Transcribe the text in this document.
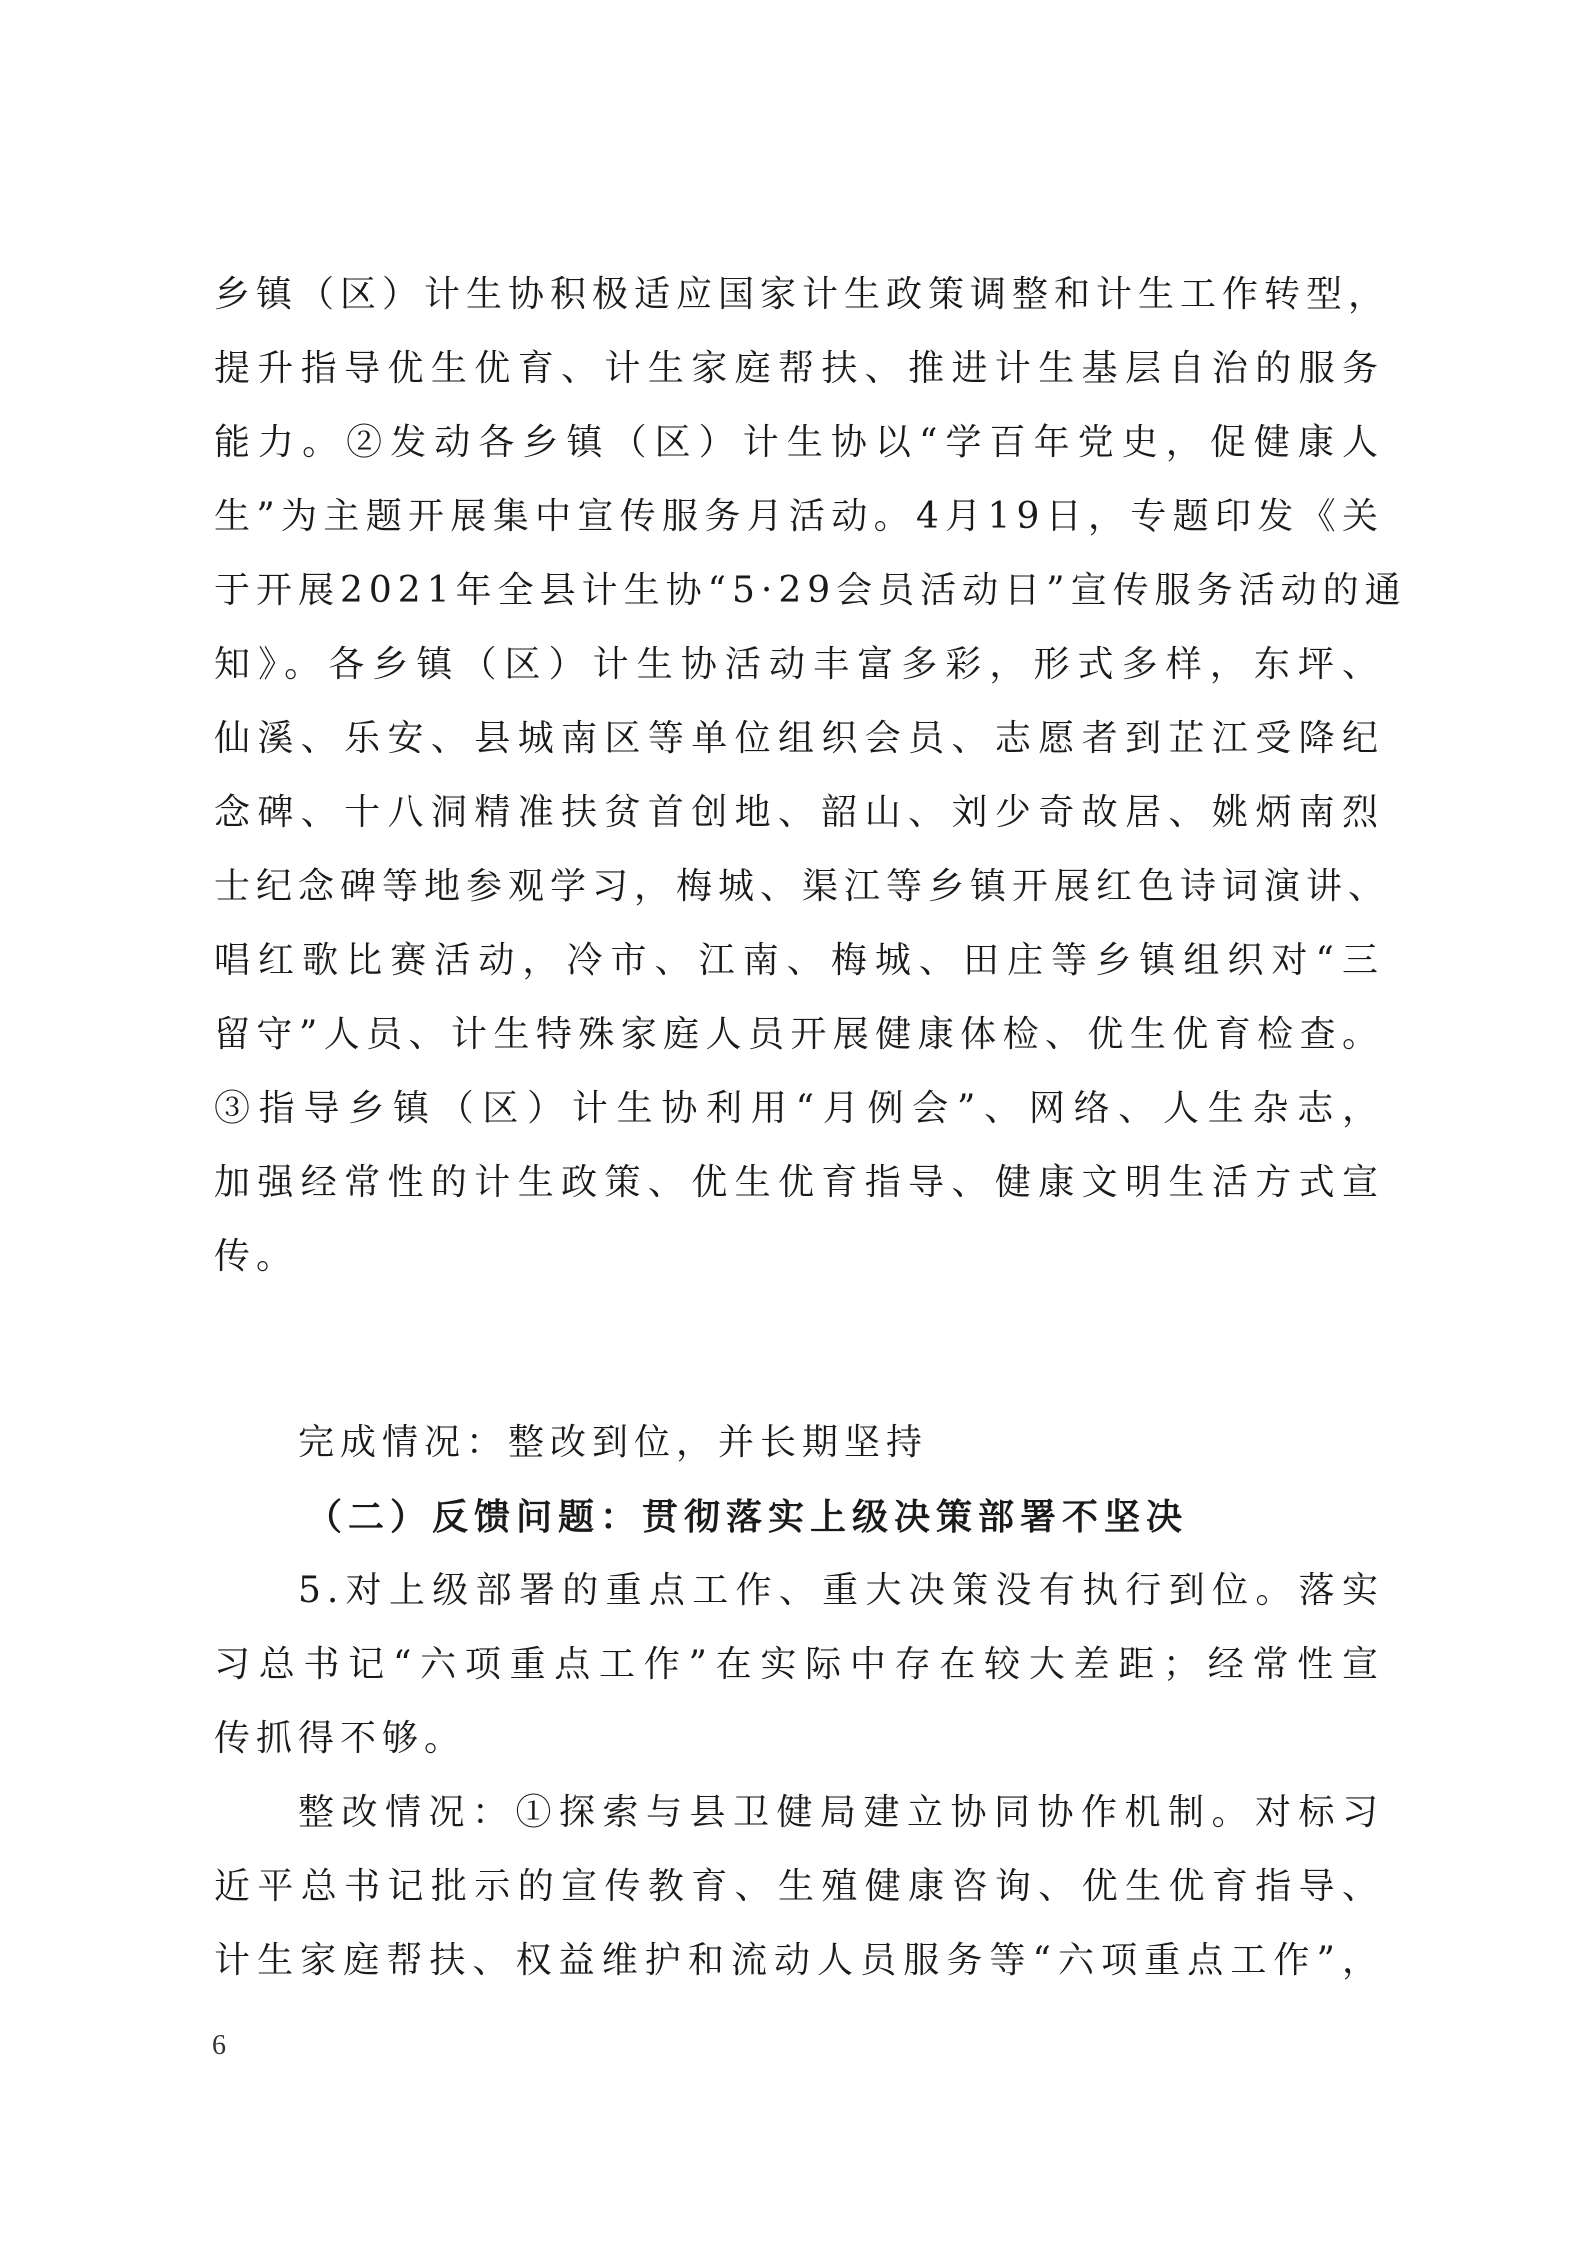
乡镇（区）计生协积极适应国家计生政策调整和计生工作转型，
提升指导优生优育、计生家庭帮扶、推进计生基层自治的服务
能力。②发动各乡镇（区）计生协以“学百年党史，促健康人
生”为主题开展集中宣传服务月活动。4月19日，专题印发《关
于开展2021年全县计生协“5·29会员活动日”宣传服务活动的通
知》。各乡镇（区）计生协活动丰富多彩，形式多样，东坪、
仙溪、乐安、县城南区等单位组织会员、志愿者到芷江受降纪
念碑、十八洞精准扶贫首创地、韶山、刘少奇故居、姚炳南烈
士纪念碑等地参观学习，梅城、渠江等乡镇开展红色诗词演讲、
唱红歌比赛活动，冷市、江南、梅城、田庄等乡镇组织对“三
留守”人员、计生特殊家庭人员开展健康体检、优生优育检查。
③指导乡镇（区）计生协利用“月例会”、网络、人生杂志，
加强经常性的计生政策、优生优育指导、健康文明生活方式宣
传。
完成情况：整改到位，并长期坚持
（二）反馈问题：贯彻落实上级决策部署不坚决
5.对上级部署的重点工作、重大决策没有执行到位。落实
习总书记“六项重点工作”在实际中存在较大差距；经常性宣
传抓得不够。
整改情况：①探索与县卫健局建立协同协作机制。对标习
近平总书记批示的宣传教育、生殖健康咨询、优生优育指导、
计生家庭帮扶、权益维护和流动人员服务等“六项重点工作”，
6
